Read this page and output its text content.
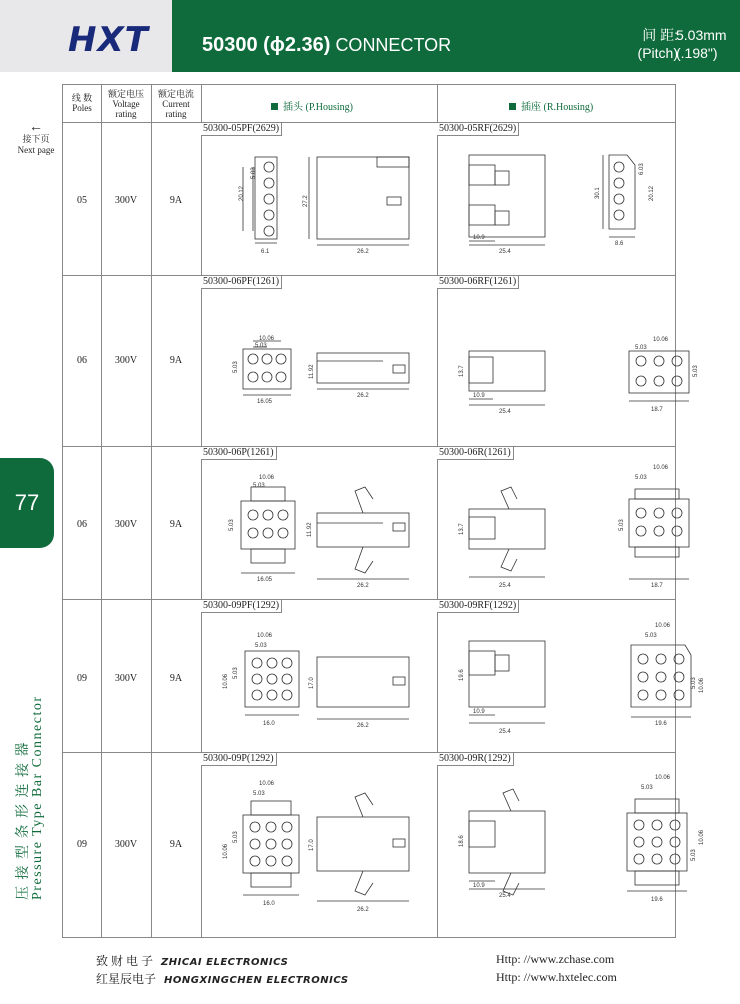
HXT	50300 (ϕ2.36) CONNECTOR	间 距:
(Pitch)
5.03mm
(.198")
←
接下页
Next page
77
压 接 型 条 形 连 接 器 Pressure Type Bar Connector
线 数
Poles
额定电压
Voltage
rating
额定电流
Current
rating
插头 (P.Housing)	插座 (R.Housing)
05	300V	9A
50300-05PF(2629)	50300-05RF(2629)
20.12
5.03
6.1
27.2
26.2
10.9
25.4
30.1
6.03
20.12
8.6
06	300V	9A
50300-06PF(1261)	50300-06RF(1261)
10.06
5.03
5.03
16.05
11.92
26.2
13.7
10.9
25.4
10.06
5.03
5.03
18.7
06	300V	9A
50300-06P(1261)	50300-06R(1261)
10.06
5.03
5.03
16.05
11.92
26.2
13.7
25.4
10.06
5.03
5.03
18.7
09	300V	9A
50300-09PF(1292)	50300-09RF(1292)
10.06
5.03
10.06
5.03
16.0
17.0
26.2
19.6
10.9
25.4
10.06
5.03
5.03 10.06
19.6
09	300V	9A
50300-09P(1292)	50300-09R(1292)
10.06
5.03
10.06
5.03
16.0
17.0
26.2
18.6
10.9
25.4
10.06
5.03
5.03
10.06
19.6
致 财 电 子 ZHICAI ELECTRONICS
红星辰电子 HONGXINGCHEN ELECTRONICS
Http: //www.zchase.com
Http: //www.hxtelec.com
